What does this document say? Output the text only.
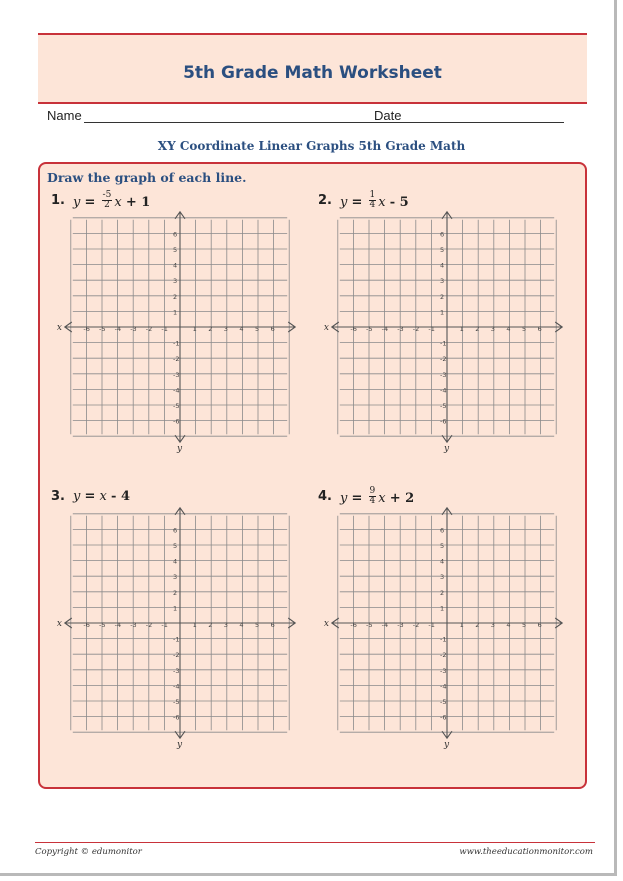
5th Grade Math Worksheet
Name	Date
XY Coordinate Linear Graphs 5th Grade Math
Draw the graph of each line.
1. $y = \frac{-5}{2}$ x + 1
x
y
-6 -5 -4 -3 -2 -1	1 2 3 4 5 6
6
5
4
3
2
1
-1
-2
-3
-4
-5
-6
2. $y = \frac{1}{4}$ x - 5
x
y
-6 -5 -4 -3 -2 -1	1 2 3 4 5 6
6
5
4
3
2
1
-1
-2
-3
-4
-5
-6
3. y = x - 4
x
y
-6 -5 -4 -3 -2 -1	1 2 3 4 5 6
6
5
4
3
2
1
-1
-2
-3
-4
-5
-6
4. $y = \frac{9}{4}$ x + 2
x
y
-6 -5 -4 -3 -2 -1	1 2 3 4 5 6
6
5
4
3
2
1
-1
-2
-3
-4
-5
-6
Copyright © edumonitor	www.theeducationmonitor.com
